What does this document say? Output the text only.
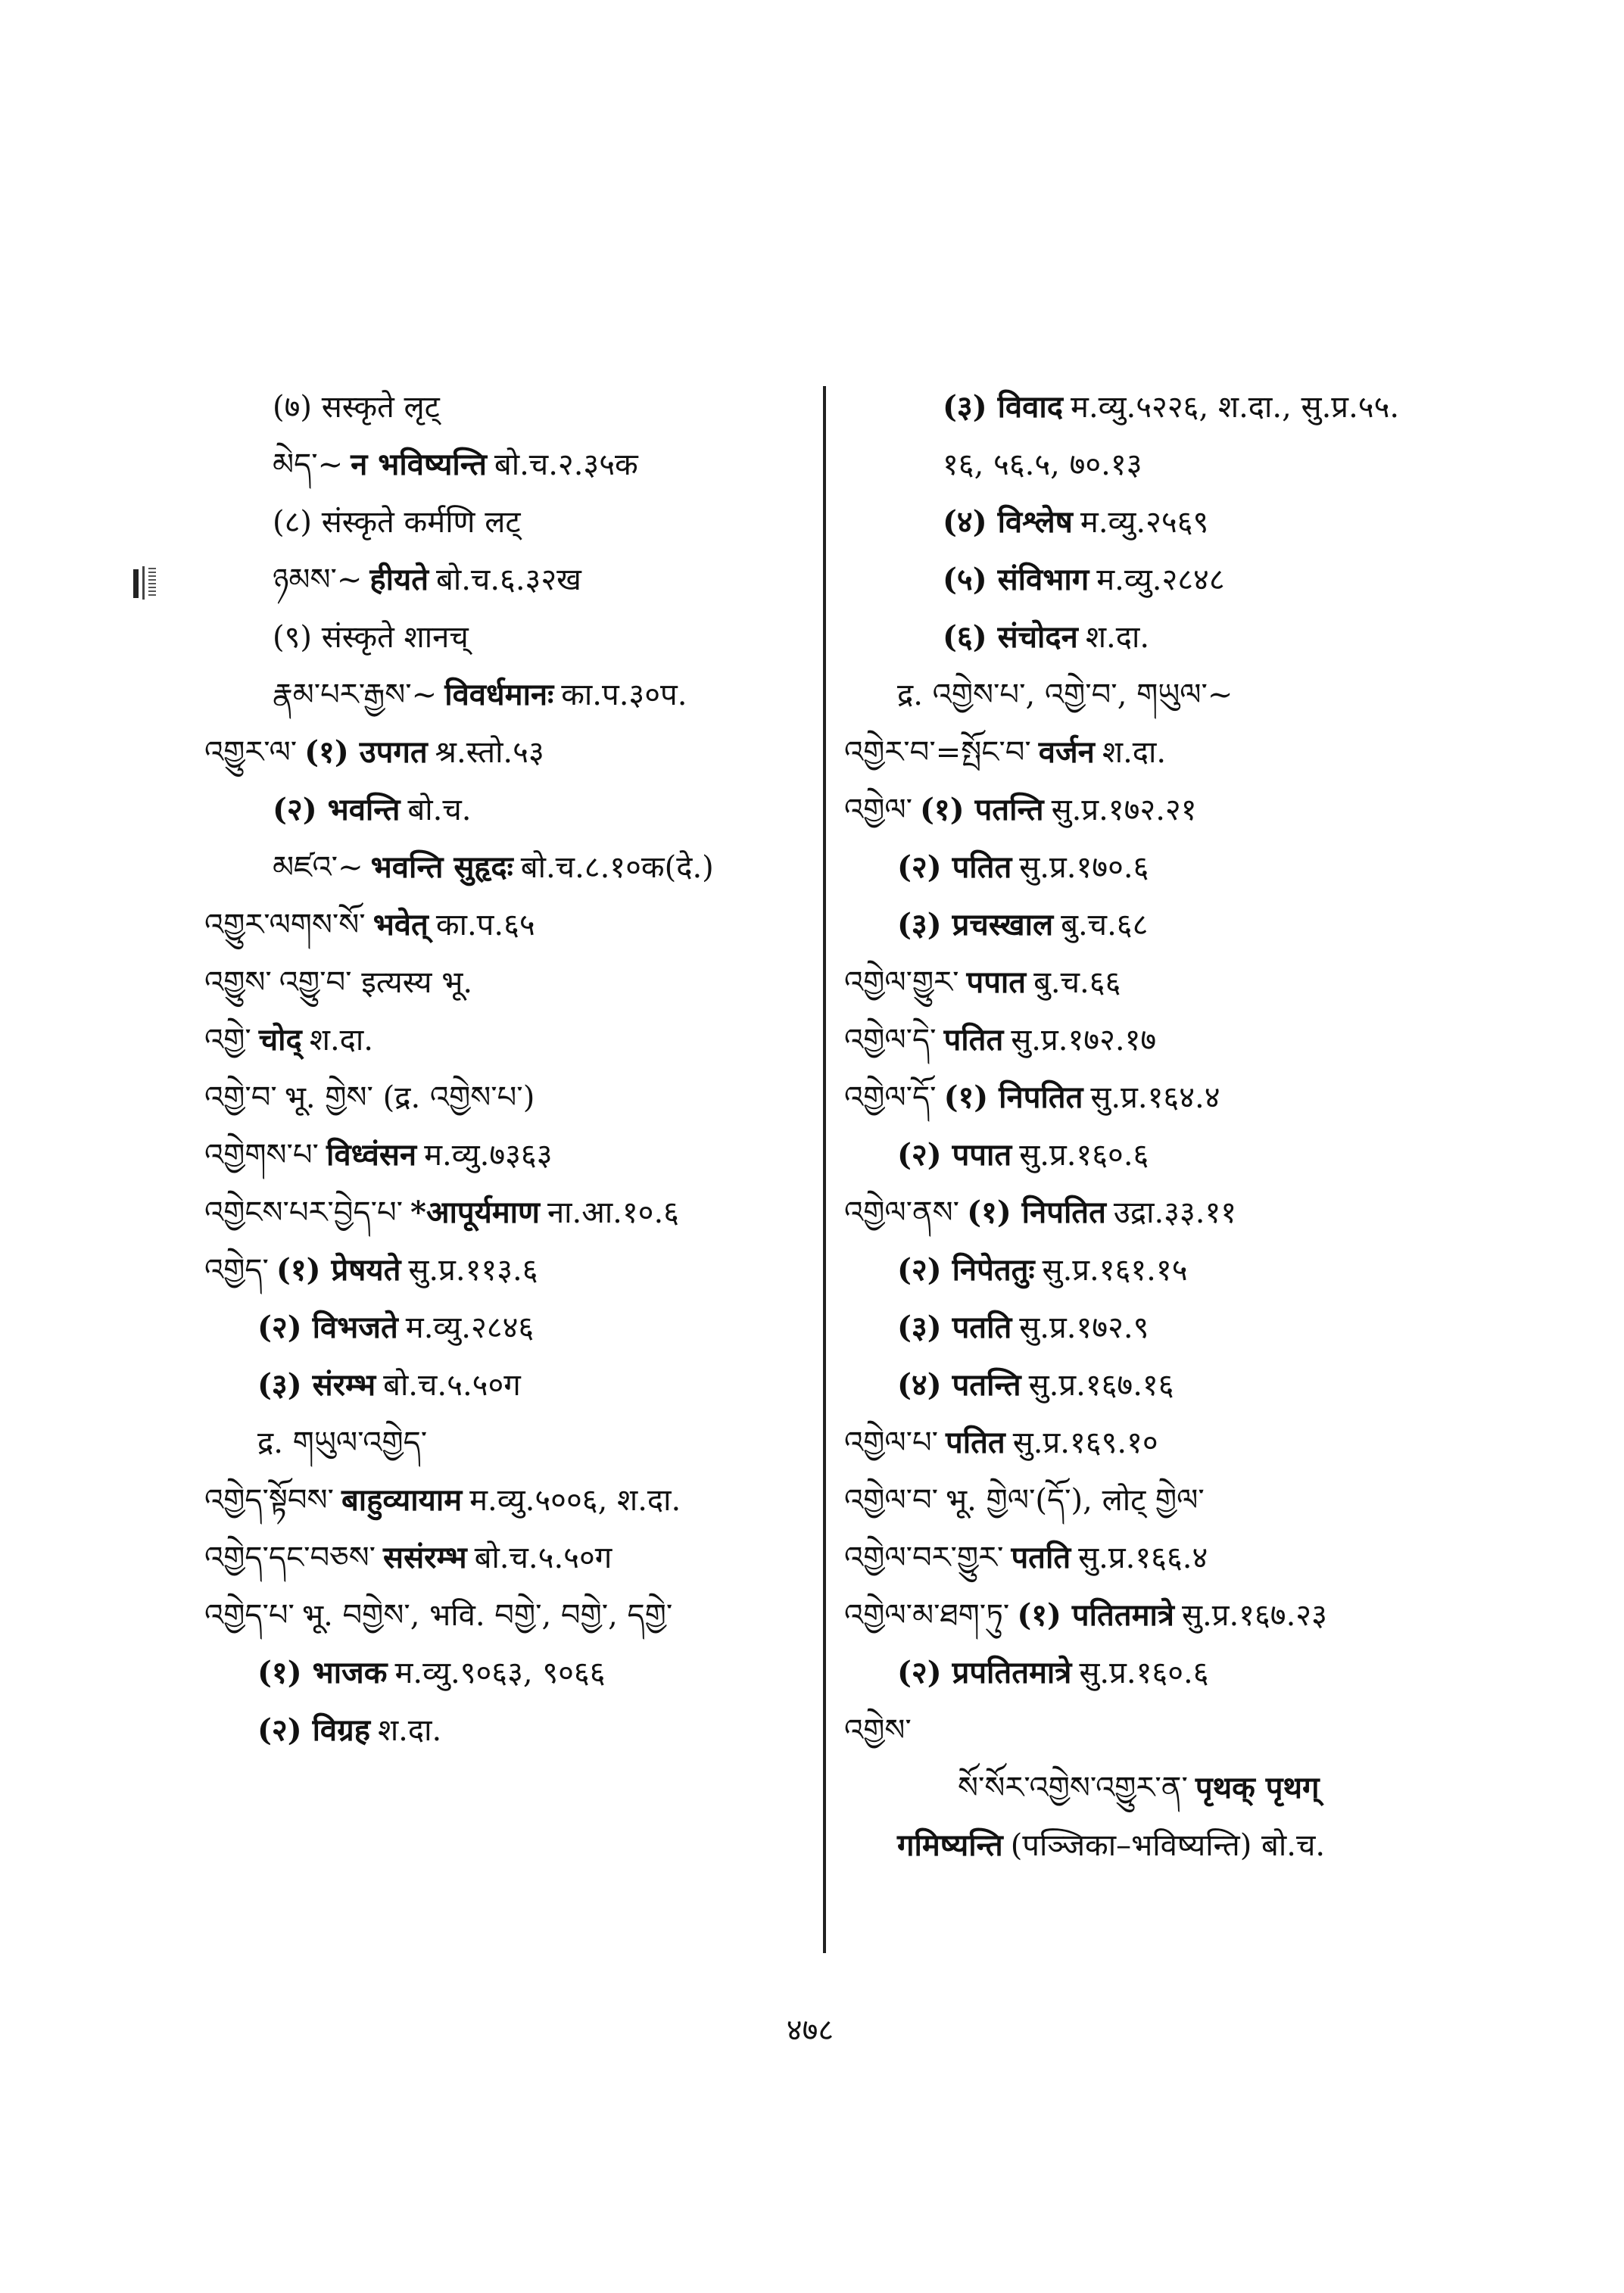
(७) सस्कृते लृट्
མེད་~ न भविष्यन्ति बो.च.२.३५क
(८) संस्कृते कर्मणि लट्
ཉམས་~ हीयते बो.च.६.३२ख
(९) संस्कृते शानच्
རྣམ་པར་རྒྱས་~ विवर्धमानः का.प.३०प.
འགྱུར་ལ་ (१) उपगत श्र.स्तो.५३
(२) भवन्ति बो.च.
མཛའ་~ भवन्ति सुहृदः बो.च.८.१०क(दे.)
འགྱུར་ལགས་སོ་ भवेत् का.प.६५
འགྱུས་ འགྱུ་བ་ इत्यस्य भू.
འགྱེ་ चोद् श.दा.
འགྱེ་བ་ भू. གྱེས་ (द्र. འགྱེས་པ་)
འགྱེགས་པ་ विध्वंसन म.व्यु.७३६३
འགྱེངས་པར་བྱེད་པ་ *आपूर्यमाण ना.आ.१०.६
འགྱེད་ (१) प्रेषयते सु.प्र.११३.६
(२) विभजते म.व्यु.२८४६
(३) संरम्भ बो.च.५.५०ग
द्र. གཡུལ་འགྱེད་
འགྱེད་སྟོབས་ बाहुव्यायाम म.व्यु.५००६, श.दा.
འགྱེད་དང་བཅས་ ससंरम्भ बो.च.५.५०ग
འགྱེད་པ་ भू. བགྱེས་, भवि. བགྱེ་, བགྱེ་, དགྱེ་
(१) भाजक म.व्यु.९०६३, ९०६६
(२) विग्रह श.दा.
(३) विवाद म.व्यु.५२२६, श.दा., सु.प्र.५५.
१६, ५६.५, ७०.१३
(४) विश्लेष म.व्यु.२५६९
(५) संविभाग म.व्यु.२८४८
(६) संचोदन श.दा.
द्र. འགྱེས་པ་, འགྱེ་བ་, གཡུལ་~
འགྱེར་བ་=སྤོང་བ་ वर्जन श.दा.
འགྱེལ་ (१) पतन्ति सु.प्र.१७२.२१
(२) पतित सु.प्र.१७०.६
(३) प्रचस्खाल बु.च.६८
འགྱེལ་གྱུར་ पपात बु.च.६६
འགྱེལ་དེ་ पतित सु.प्र.१७२.१७
འགྱེལ་དོ་ (१) निपतित सु.प्र.१६४.४
(२) पपात सु.प्र.१६०.६
འགྱེལ་ནས་ (१) निपतित उद्रा.३३.११
(२) निपेततुः सु.प्र.१६१.१५
(३) पतति सु.प्र.१७२.९
(४) पतन्ति सु.प्र.१६७.१६
འགྱེལ་པ་ पतित सु.प्र.१६९.१०
འགྱེལ་བ་ भू. གྱེལ་(དོ་), लोट् གྱེལ་
འགྱེལ་བར་གྱུར་ पतति सु.प्र.१६६.४
འགྱེལ་མ་ཐག་ཏུ་ (१) पतितमात्रे सु.प्र.१६७.२३
(२) प्रपतितमात्रे सु.प्र.१६०.६
འགྱེས་
སོ་སོར་འགྱེས་འགྱུར་ན་ पृथक् पृथग्
गमिष्यन्ति (पञ्जिका–भविष्यन्ति) बो.च.
४७८
